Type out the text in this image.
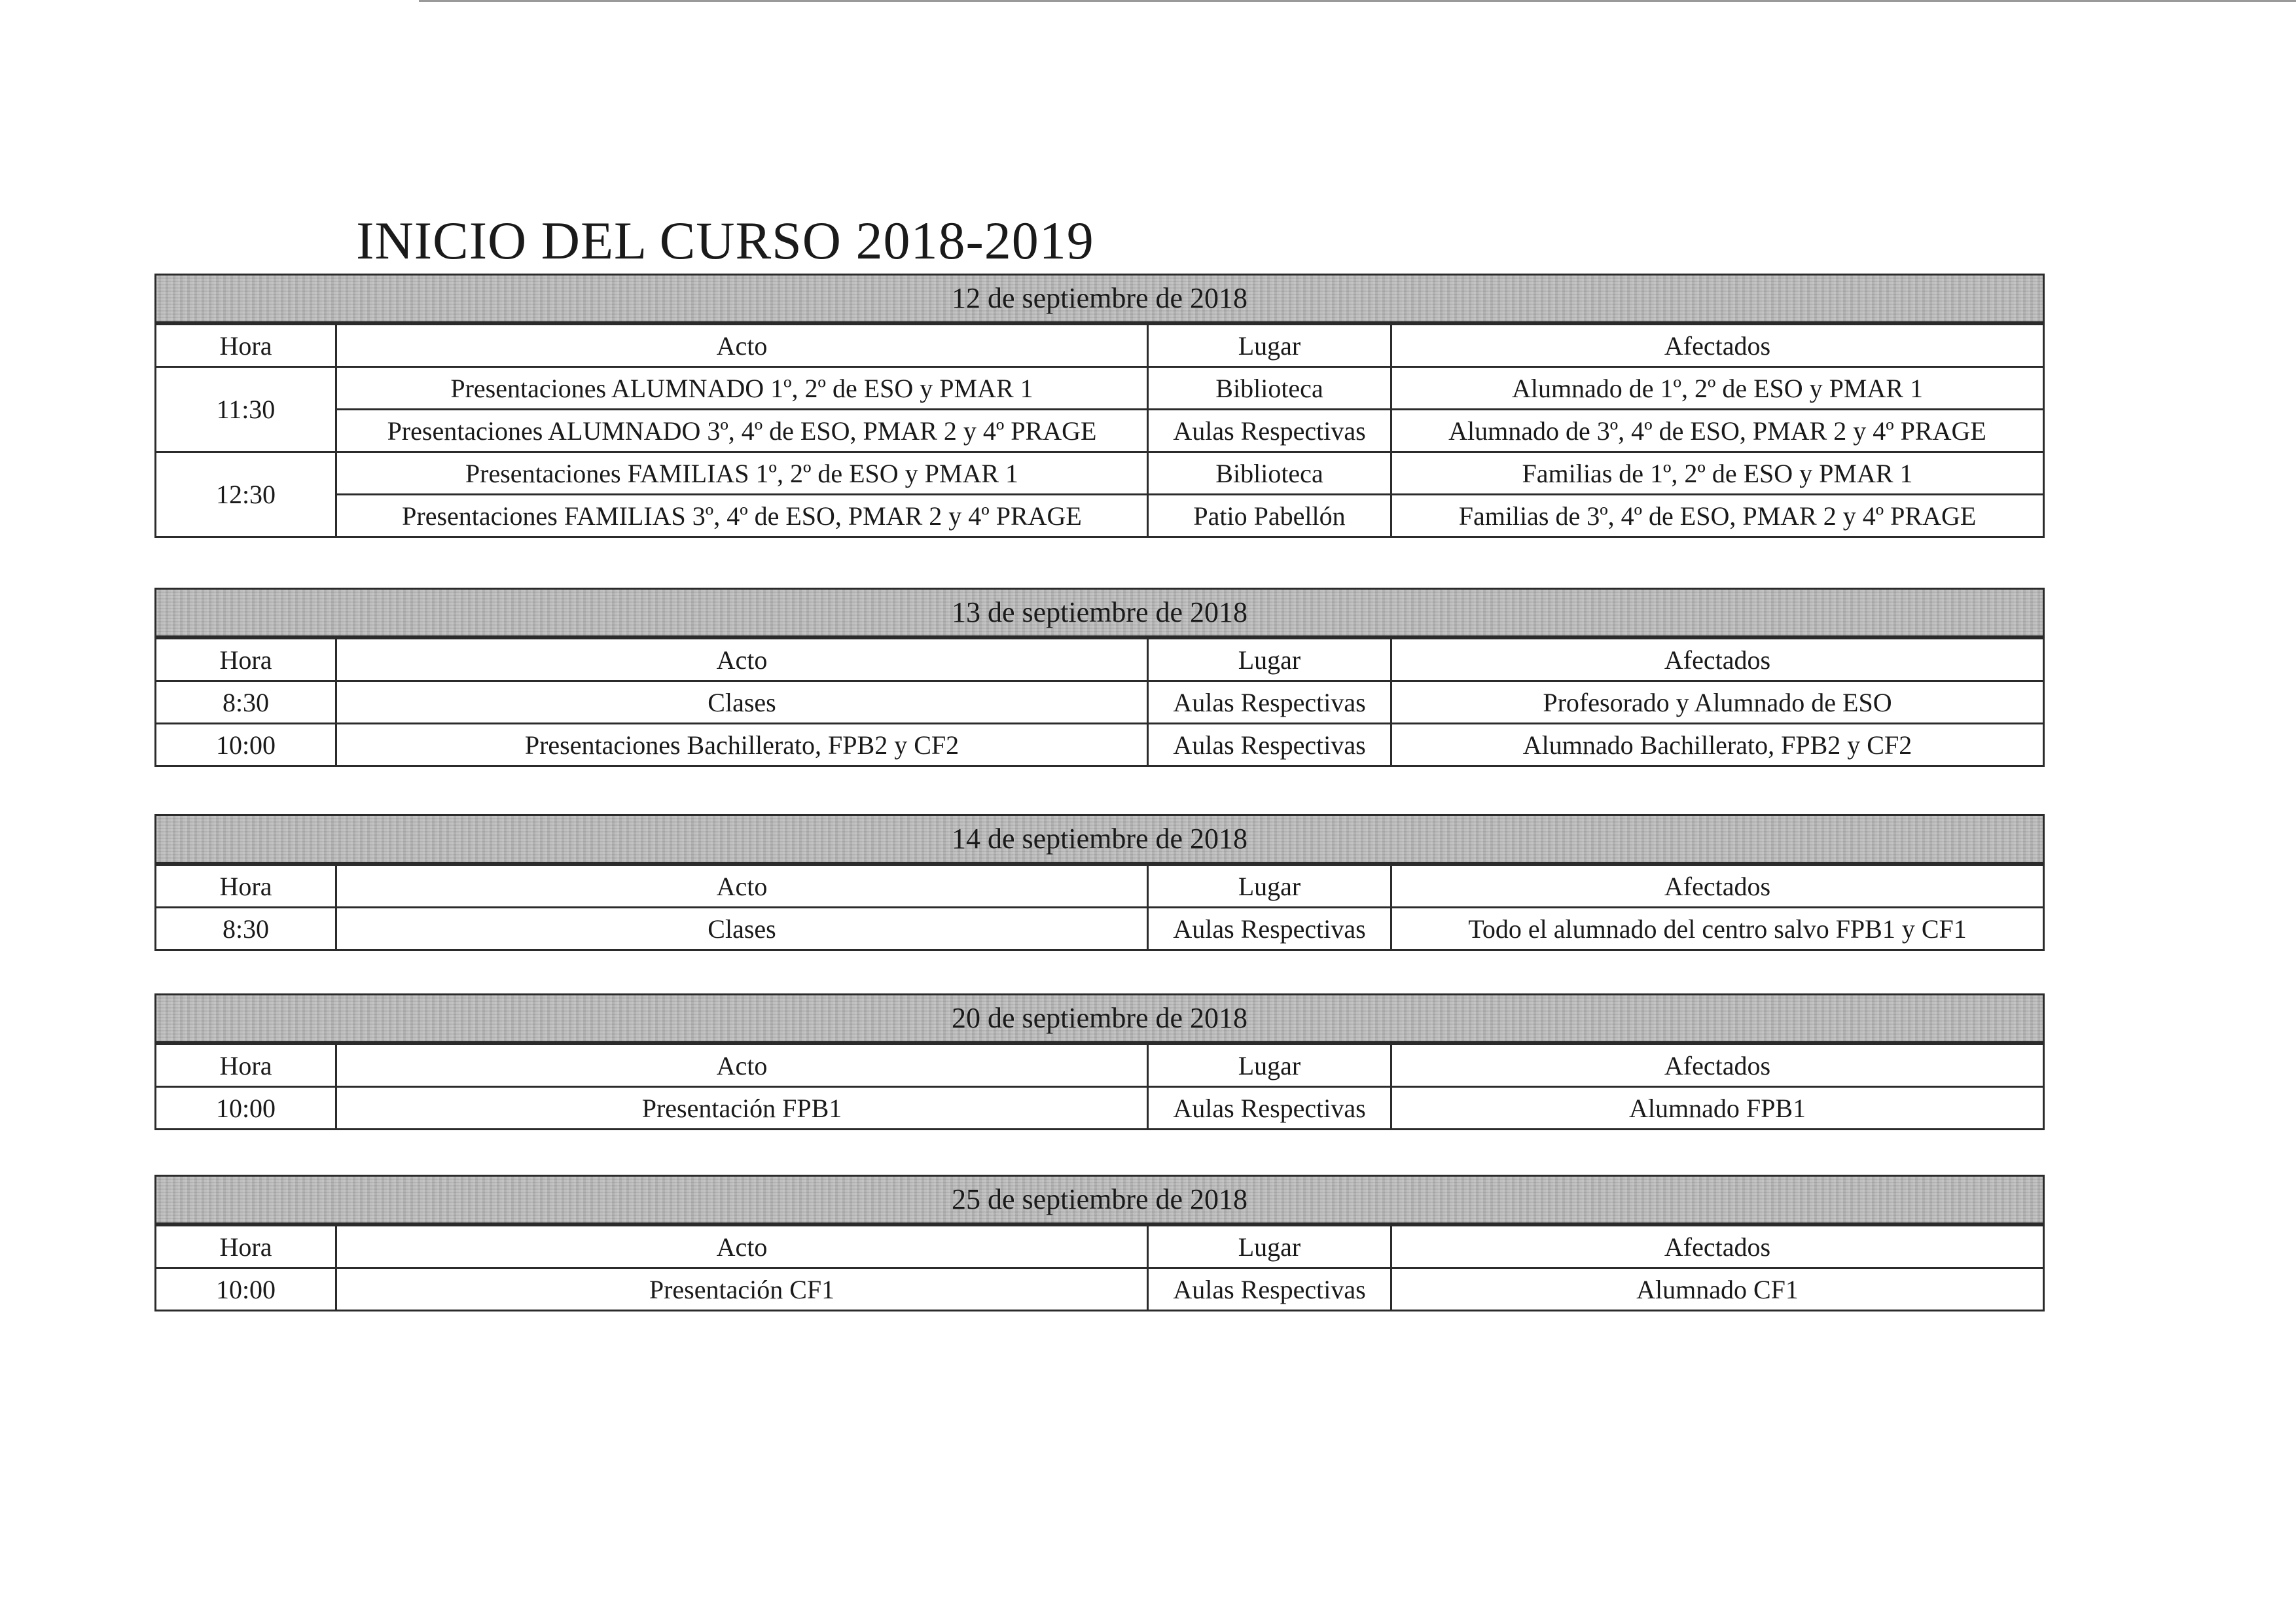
INICIO DEL CURSO 2018-2019
12 de septiembre de 2018
Hora	Acto	Lugar	Afectados
11:30	Presentaciones ALUMNADO 1º, 2º de ESO y PMAR 1	Biblioteca	Alumnado de 1º, 2º de ESO y PMAR 1
	Presentaciones ALUMNADO 3º, 4º de ESO, PMAR 2 y 4º PRAGE	Aulas Respectivas	Alumnado de 3º, 4º de ESO, PMAR 2 y 4º PRAGE
12:30	Presentaciones FAMILIAS 1º, 2º de ESO y PMAR 1	Biblioteca	Familias de 1º, 2º de ESO y PMAR 1
	Presentaciones FAMILIAS 3º, 4º de ESO, PMAR 2 y 4º PRAGE	Patio Pabellón	Familias de 3º, 4º de ESO, PMAR 2 y 4º PRAGE
13 de septiembre de 2018
Hora	Acto	Lugar	Afectados
8:30	Clases	Aulas Respectivas	Profesorado y Alumnado de ESO
10:00	Presentaciones Bachillerato, FPB2 y CF2	Aulas Respectivas	Alumnado Bachillerato, FPB2 y CF2
14 de septiembre de 2018
Hora	Acto	Lugar	Afectados
8:30	Clases	Aulas Respectivas	Todo el alumnado del centro salvo FPB1 y CF1
20 de septiembre de 2018
Hora	Acto	Lugar	Afectados
10:00	Presentación FPB1	Aulas Respectivas	Alumnado FPB1
25 de septiembre de 2018
Hora	Acto	Lugar	Afectados
10:00	Presentación CF1	Aulas Respectivas	Alumnado CF1
